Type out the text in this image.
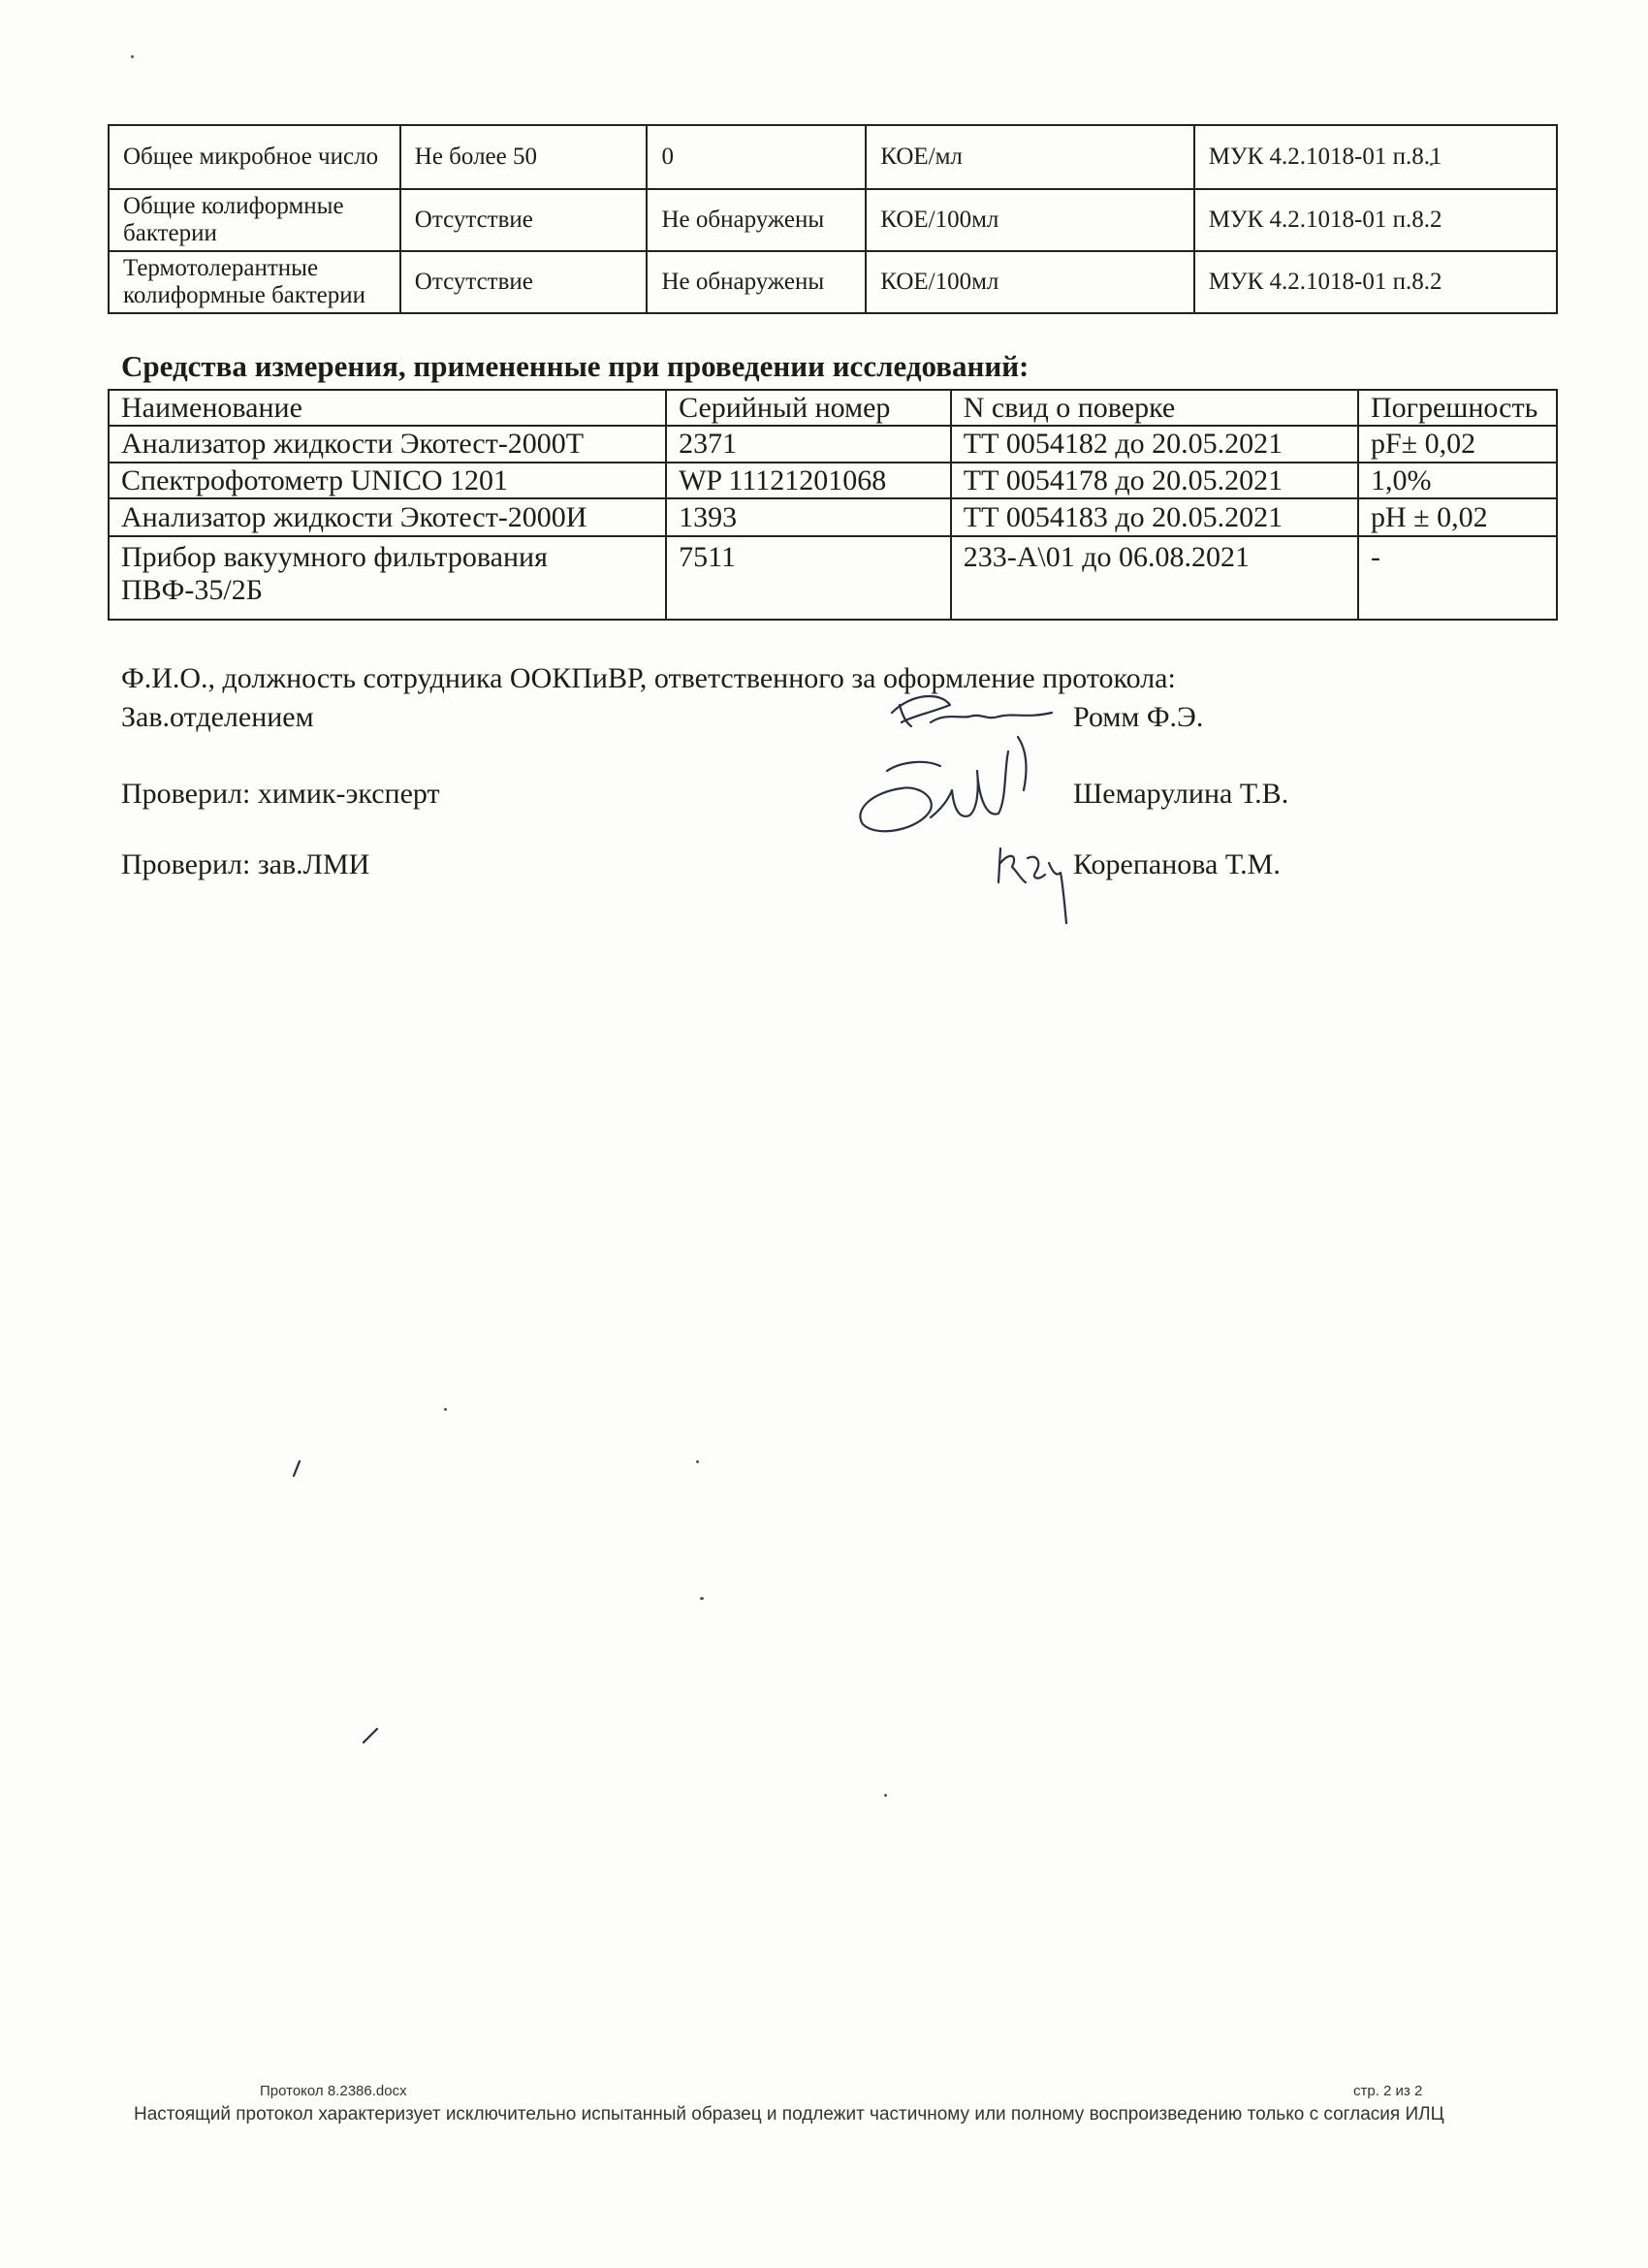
Общее микробное число	Не более 50	0	КОЕ/мл	МУК 4.2.1018-01 п.8.1
Общие колиформные бактерии	Отсутствие	Не обнаружены	КОЕ/100мл	МУК 4.2.1018-01 п.8.2
Термотолерантные колиформные бактерии	Отсутствие	Не обнаружены	КОЕ/100мл	МУК 4.2.1018-01 п.8.2
Средства измерения, примененные при проведении исследований:
Наименование	Серийный номер	N свид о поверке	Погрешность
Анализатор жидкости Экотест-2000Т	2371	ТТ 0054182 до 20.05.2021	pF± 0,02
Спектрофотометр UNICO 1201	WP 11121201068	ТТ 0054178 до 20.05.2021	1,0%
Анализатор жидкости Экотест-2000И	1393	ТТ 0054183 до 20.05.2021	pH ± 0,02
Прибор вакуумного фильтрования ПВФ-35/2Б	7511	233-А\01 до 06.08.2021	-
Ф.И.О., должность сотрудника ООКПиВР, ответственного за оформление протокола:
Зав.отделением	Ромм Ф.Э.
Проверил: химик-эксперт	Шемарулина Т.В.
Проверил: зав.ЛМИ	Корепанова Т.М.
Протокол 8.2386.docx	стр. 2 из 2
Настоящий протокол характеризует исключительно испытанный образец и подлежит частичному или полному воспроизведению только с согласия ИЛЦ
